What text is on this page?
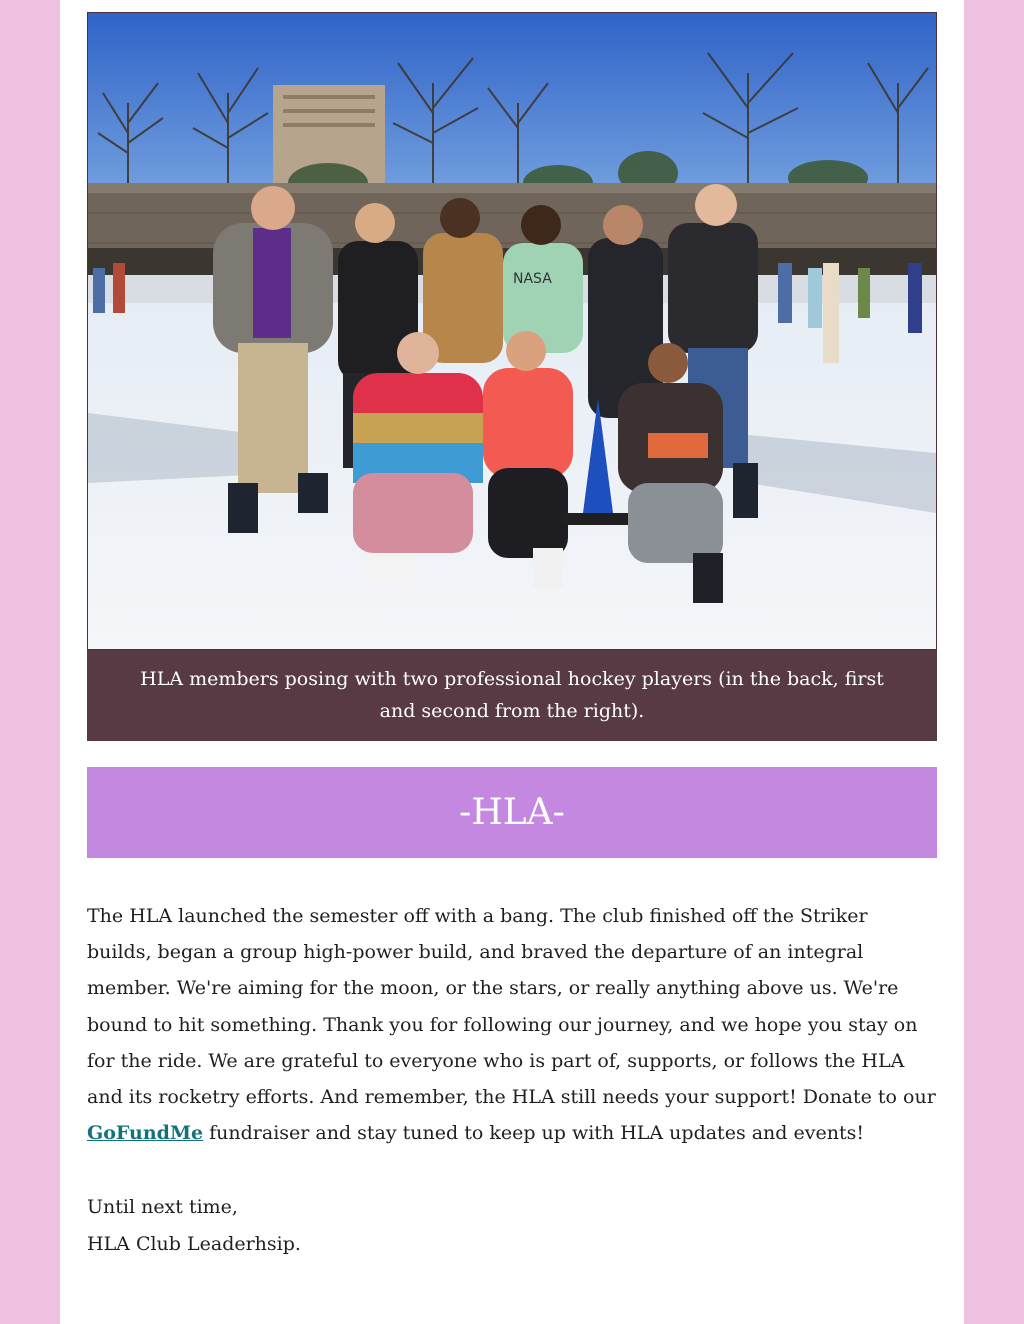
NASA
HLA members posing with two professional hockey players (in the back, first and second from the right).
-HLA-

The HLA launched the semester off with a bang. The club finished off the Striker builds, began a group high-power build, and braved the departure of an integral member. We're aiming for the moon, or the stars, or really anything above us. We're bound to hit something. Thank you for following our journey, and we hope you stay on for the ride. We are grateful to everyone who is part of, supports, or follows the HLA and its rocketry efforts. And remember, the HLA still needs your support! Donate to our GoFundMe fundraiser and stay tuned to keep up with HLA updates and events!

Until next time,
HLA Club Leaderhsip.
